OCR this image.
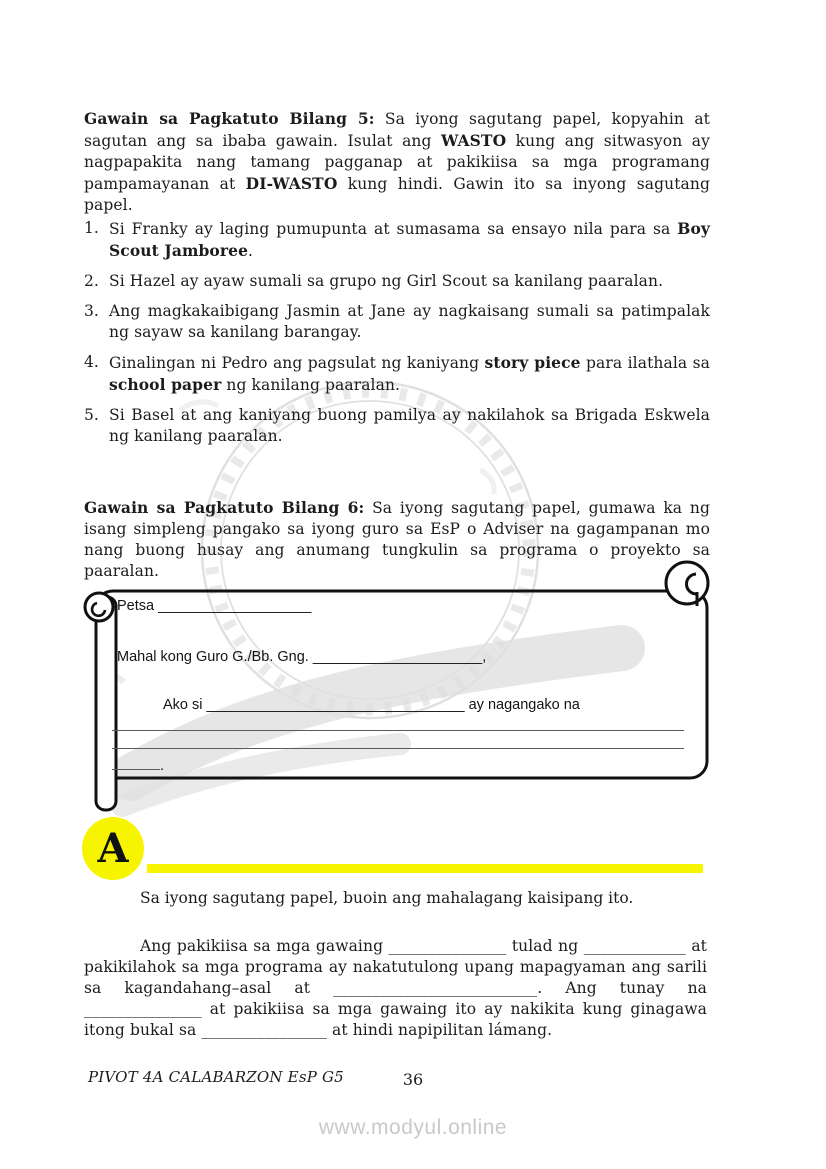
Gawain sa Pagkatuto Bilang 5: Sa iyong sagutang papel, kopyahin at sagutan ang sa ibaba gawain. Isulat ang WASTO kung ang sitwasyon ay nagpapakita nang tamang pagganap at pakikiisa sa mga programang pampamayanan at DI-WASTO kung hindi. Gawin ito sa inyong sagutang papel.

1. Si Franky ay laging pumupunta at sumasama sa ensayo nila para sa Boy Scout Jamboree.
2. Si Hazel ay ayaw sumali sa grupo ng Girl Scout sa kanilang paaralan.
3. Ang magkakaibigang Jasmin at Jane ay nagkaisang sumali sa patimpalak ng sayaw sa kanilang barangay.
4. Ginalingan ni Pedro ang pagsulat ng kaniyang story piece para ilathala sa school paper ng kanilang paaralan.
5. Si Basel at ang kaniyang buong pamilya ay nakilahok sa Brigada Eskwela ng kanilang paaralan.

Gawain sa Pagkatuto Bilang 6: Sa iyong sagutang papel, gumawa ka ng isang simpleng pangako sa iyong guro sa EsP o Adviser na gagampanan mo nang buong husay ang anumang tungkulin sa programa o proyekto sa paaralan.

Petsa ___________________
Mahal kong Guro G./Bb. Gng. _____________________,
Ako si ________________________________ ay nagangako na
.
A

Sa iyong sagutang papel, buoin ang mahalagang kaisipang ito.

Ang pakikiisa sa mga gawaing _______________ tulad ng _____________ at pakikilahok sa mga programa ay nakatutulong upang mapagyaman ang sarili sa kagandahang–asal at __________________________. Ang tunay na _______________ at pakikiisa sa mga gawaing ito ay nakikita kung ginagawa itong bukal sa ________________ at hindi napipilitan lámang.

PIVOT 4A CALABARZON EsP G5	36
www.modyul.online
